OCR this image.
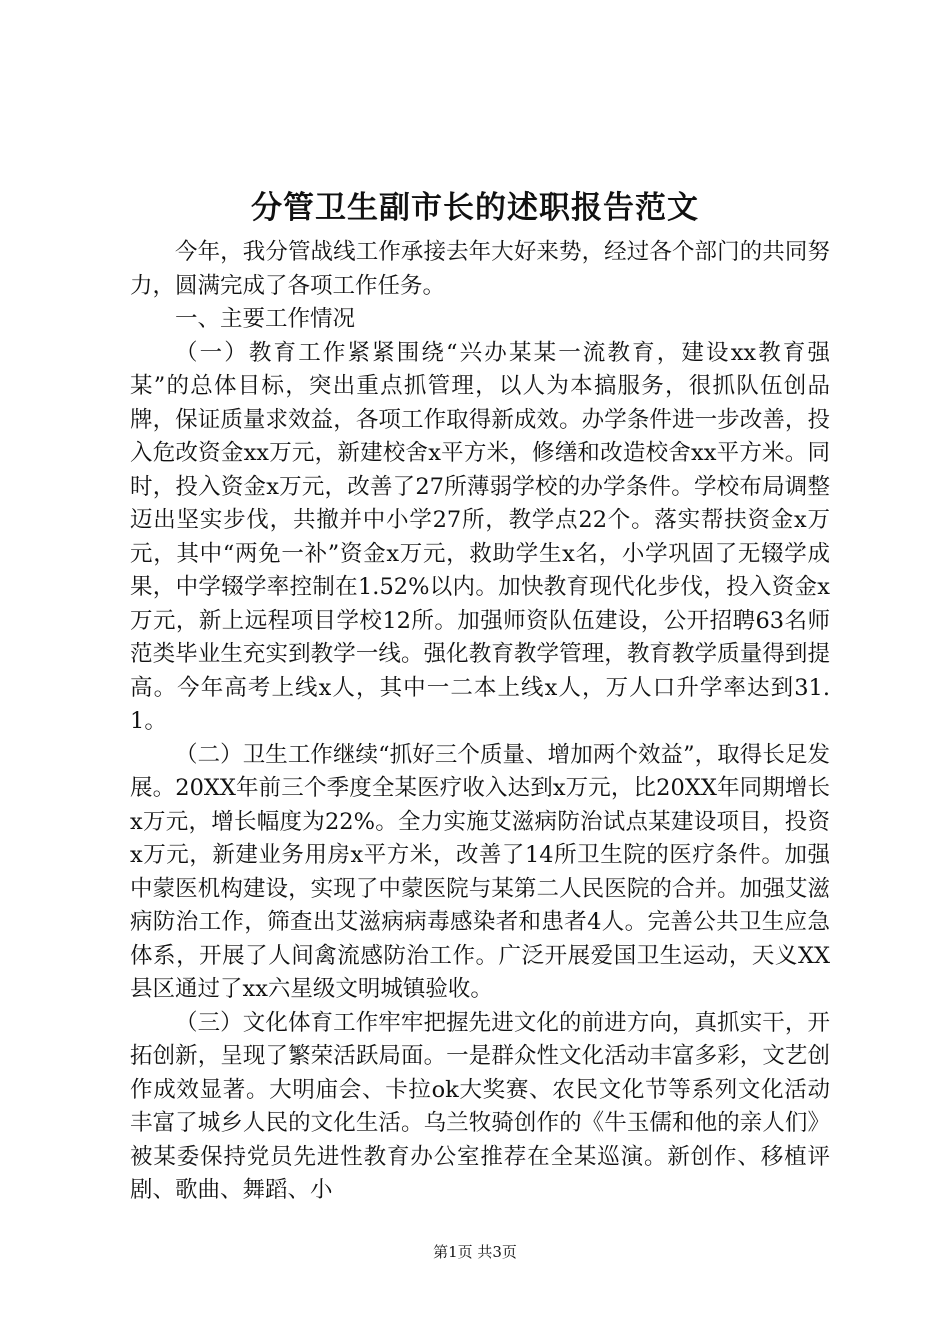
分管卫生副市长的述职报告范文

今年，我分管战线工作承接去年大好来势，经过各个部门的共同努力，圆满完成了各项工作任务。

一、主要工作情况

（一）教育工作紧紧围绕“兴办某某一流教育，建设xx教育强某”的总体目标，突出重点抓管理，以人为本搞服务，很抓队伍创品牌，保证质量求效益，各项工作取得新成效。办学条件进一步改善，投入危改资金xx万元，新建校舍x平方米，修缮和改造校舍xx平方米。同时，投入资金x万元，改善了27所薄弱学校的办学条件。学校布局调整迈出坚实步伐，共撤并中小学27所，教学点22个。落实帮扶资金x万元，其中“两免一补”资金x万元，救助学生x名，小学巩固了无辍学成果，中学辍学率控制在1.52%以内。加快教育现代化步伐，投入资金x万元，新上远程项目学校12所。加强师资队伍建设，公开招聘63名师范类毕业生充实到教学一线。强化教育教学管理，教育教学质量得到提高。今年高考上线x人，其中一二本上线x人，万人口升学率达到31.1。

（二）卫生工作继续“抓好三个质量、增加两个效益”，取得长足发展。20XX年前三个季度全某医疗收入达到x万元，比20XX年同期增长x万元，增长幅度为22%。全力实施艾滋病防治试点某建设项目，投资x万元，新建业务用房x平方米，改善了14所卫生院的医疗条件。加强中蒙医机构建设，实现了中蒙医院与某第二人民医院的合并。加强艾滋病防治工作，筛查出艾滋病病毒感染者和患者4人。完善公共卫生应急体系，开展了人间禽流感防治工作。广泛开展爱国卫生运动，天义XX县区通过了xx六星级文明城镇验收。

（三）文化体育工作牢牢把握先进文化的前进方向，真抓实干，开拓创新，呈现了繁荣活跃局面。一是群众性文化活动丰富多彩，文艺创作成效显著。大明庙会、卡拉ok大奖赛、农民文化节等系列文化活动丰富了城乡人民的文化生活。乌兰牧骑创作的《牛玉儒和他的亲人们》被某委保持党员先进性教育办公室推荐在全某巡演。新创作、移植评剧、歌曲、舞蹈、小

第1页 共3页
